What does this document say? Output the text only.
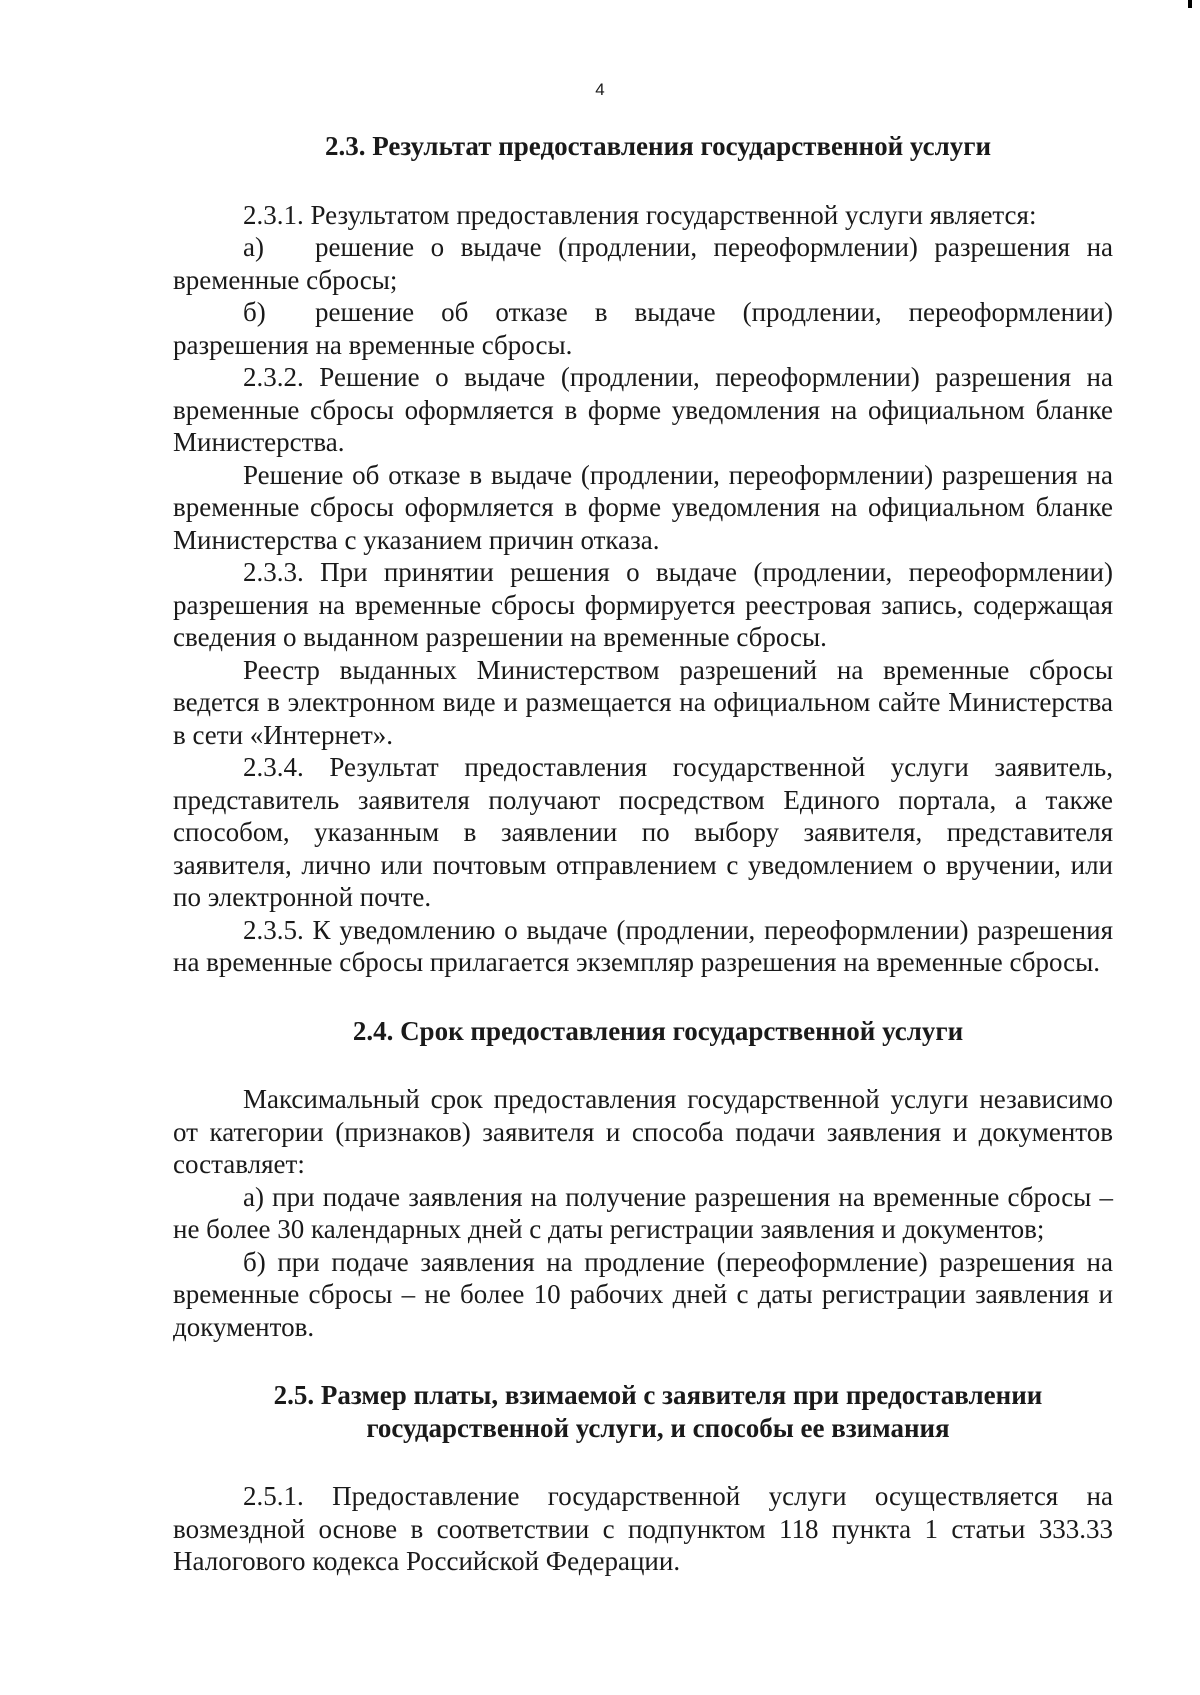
4
2.3. Результат предоставления государственной услуги

2.3.1. Результатом предоставления государственной услуги является:

а) решение о выдаче (продлении, переоформлении) разрешения на временные сбросы;

б) решение об отказе в выдаче (продлении, переоформлении) разрешения на временные сбросы.

2.3.2. Решение о выдаче (продлении, переоформлении) разрешения на временные сбросы оформляется в форме уведомления на официальном бланке Министерства.

Решение об отказе в выдаче (продлении, переоформлении) разрешения на временные сбросы оформляется в форме уведомления на официальном бланке Министерства с указанием причин отказа.

2.3.3. При принятии решения о выдаче (продлении, переоформлении) разрешения на временные сбросы формируется реестровая запись, содержащая сведения о выданном разрешении на временные сбросы.

Реестр выданных Министерством разрешений на временные сбросы ведется в электронном виде и размещается на официальном сайте Министерства в сети «Интернет».

2.3.4. Результат предоставления государственной услуги заявитель, представитель заявителя получают посредством Единого портала, а также способом, указанным в заявлении по выбору заявителя, представителя заявителя, лично или почтовым отправлением с уведомлением о вручении, или по электронной почте.

2.3.5. К уведомлению о выдаче (продлении, переоформлении) разрешения на временные сбросы прилагается экземпляр разрешения на временные сбросы.

2.4. Срок предоставления государственной услуги

Максимальный срок предоставления государственной услуги независимо от категории (признаков) заявителя и способа подачи заявления и документов составляет:

а) при подаче заявления на получение разрешения на временные сбросы – не более 30 календарных дней с даты регистрации заявления и документов;

б) при подаче заявления на продление (переоформление) разрешения на временные сбросы – не более 10 рабочих дней с даты регистрации заявления и документов.

2.5. Размер платы, взимаемой с заявителя при предоставлении
государственной услуги, и способы ее взимания

2.5.1. Предоставление государственной услуги осуществляется на возмездной основе в соответствии с подпунктом 118 пункта 1 статьи 333.33 Налогового кодекса Российской Федерации.
